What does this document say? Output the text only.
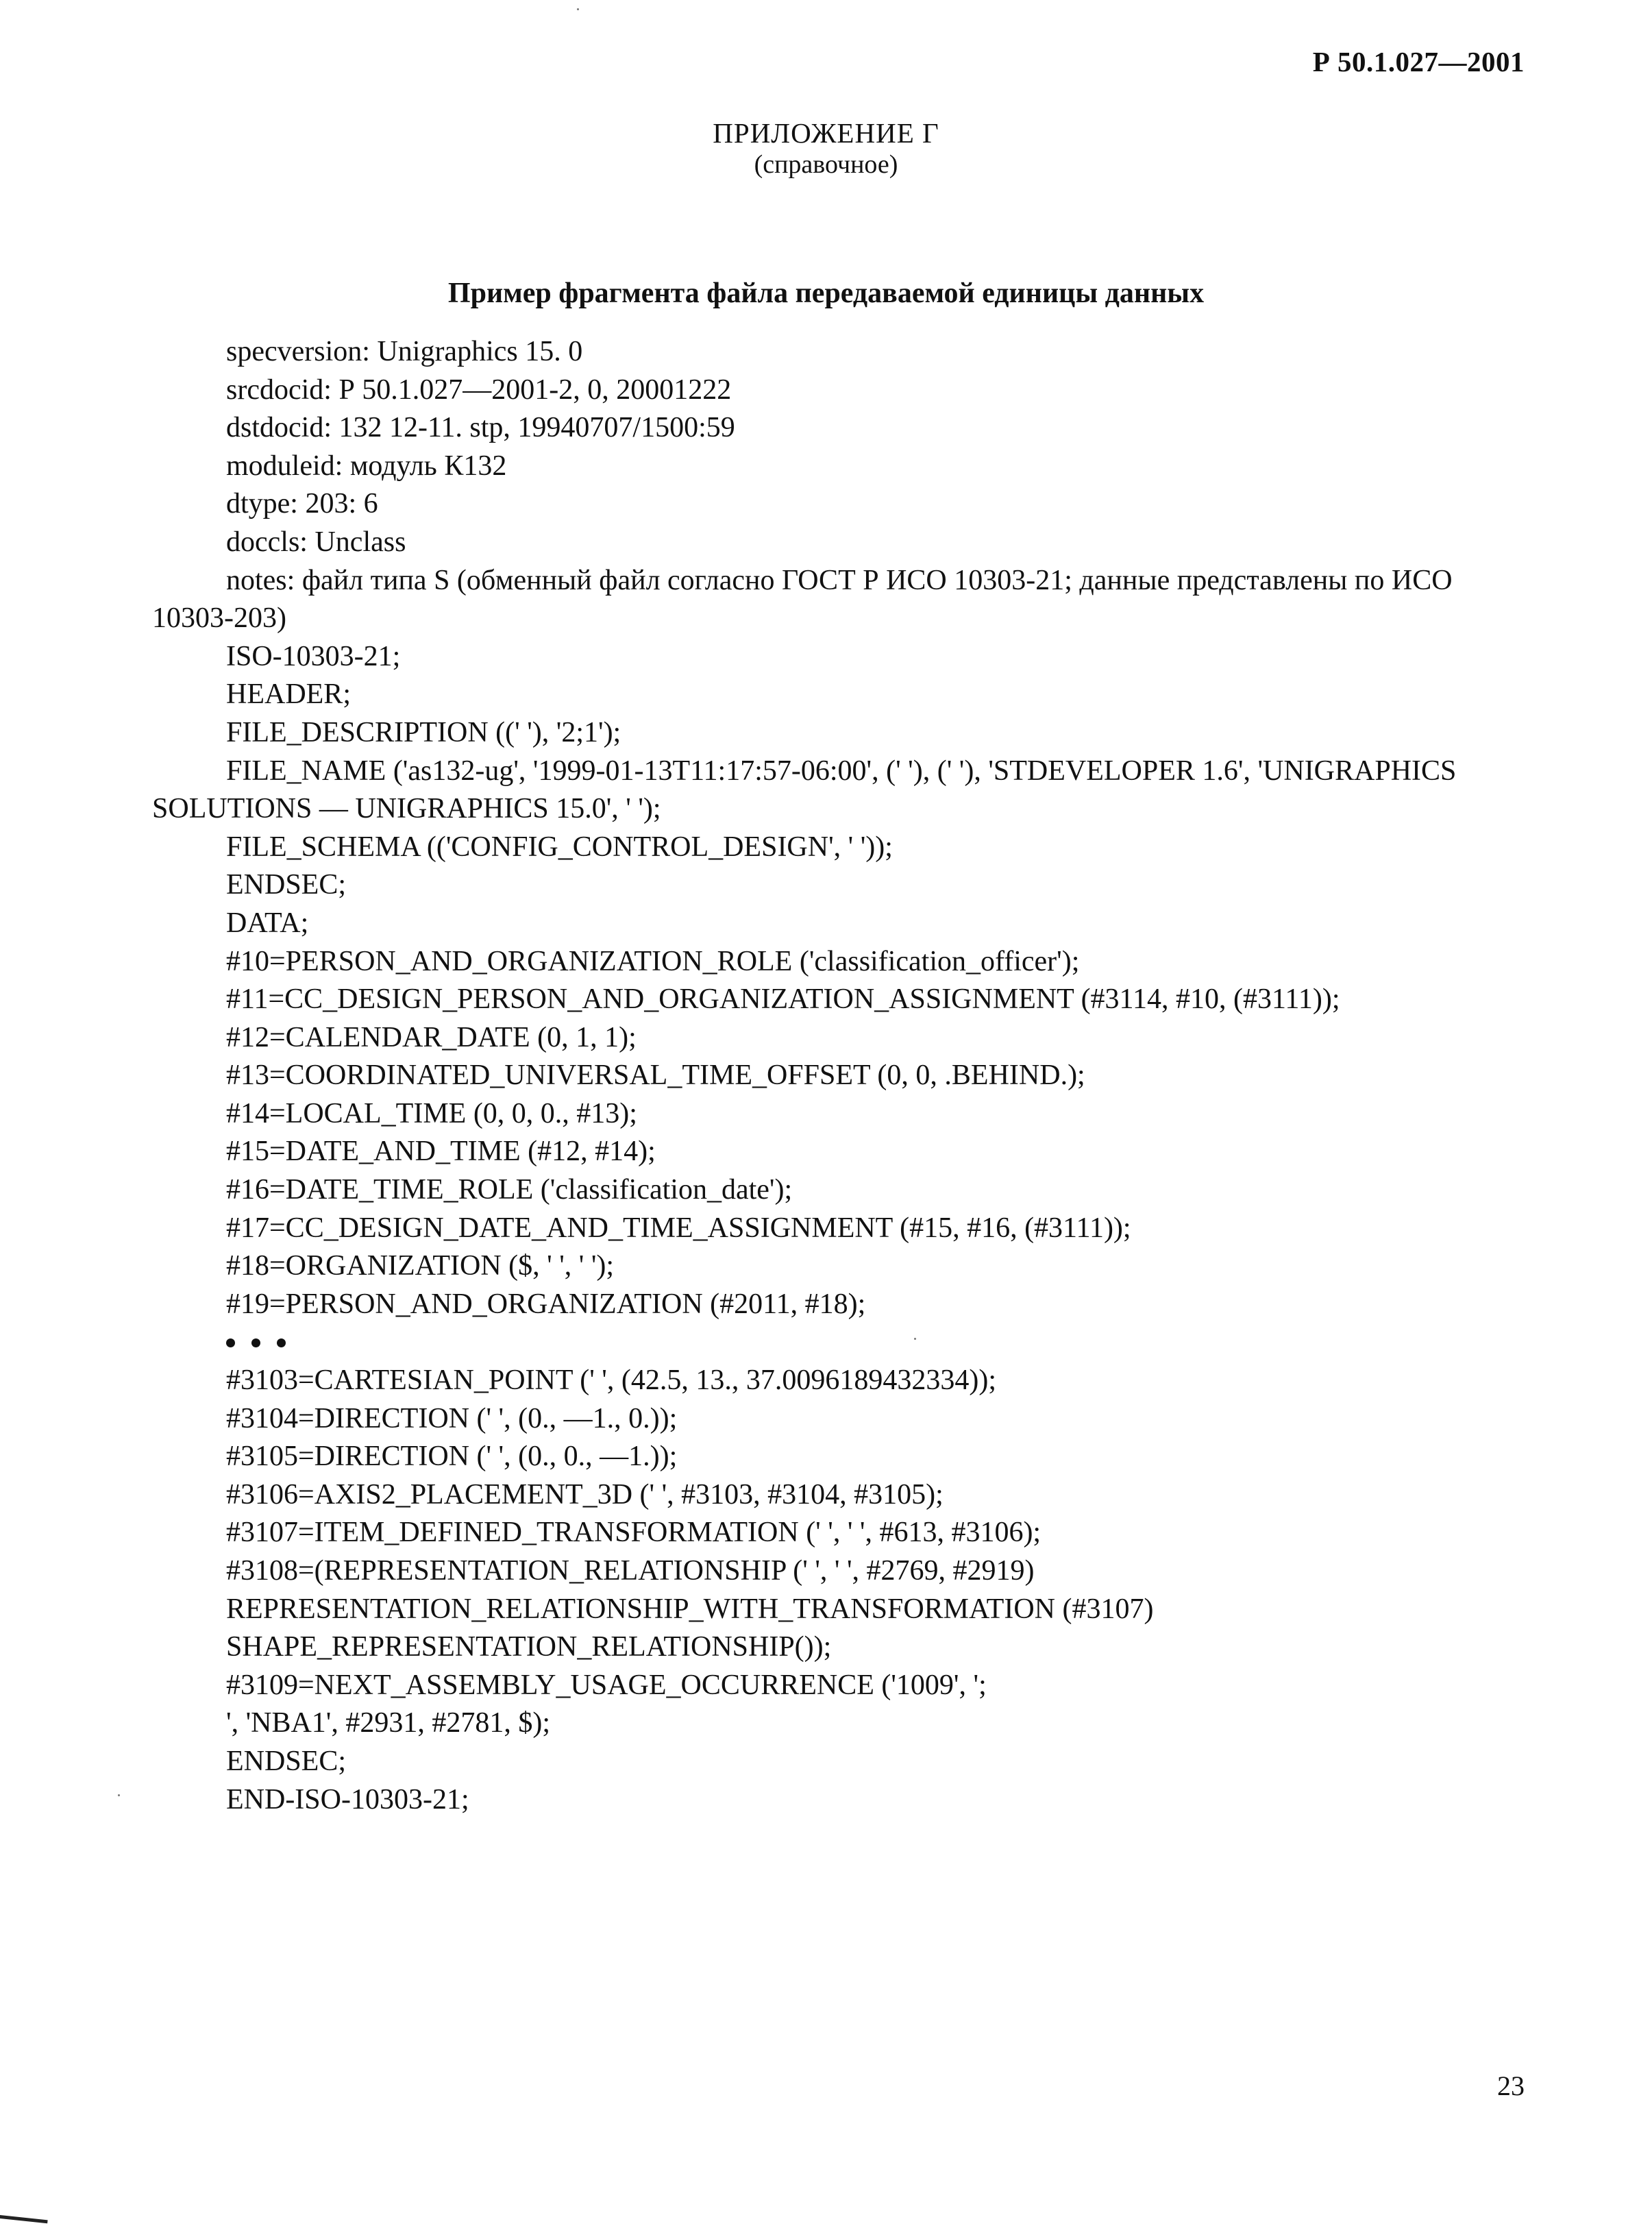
Р 50.1.027—2001
ПРИЛОЖЕНИЕ Г
(справочное)
Пример фрагмента файла передаваемой единицы данных
specversion: Unigraphics 15. 0
srcdocid: Р 50.1.027—2001-2, 0, 20001222
dstdocid: 132 12-11. stp, 19940707/1500:59
moduleid: модуль К132
dtype: 203: 6
doccls: Unclass
notes: файл типа S (обменный файл согласно ГОСТ Р ИСО 10303-21; данные представлены по ИСО 10303-203)
ISO-10303-21;
HEADER;
FILE_DESCRIPTION ((' '), '2;1');
FILE_NAME ('as132-ug', '1999-01-13T11:17:57-06:00', (' '), (' '), 'STDEVELOPER 1.6', 'UNIGRAPHICS SOLUTIONS — UNIGRAPHICS 15.0', ' ');
FILE_SCHEMA (('CONFIG_CONTROL_DESIGN', ' '));
ENDSEC;
DATA;
#10=PERSON_AND_ORGANIZATION_ROLE ('classification_officer');
#11=CC_DESIGN_PERSON_AND_ORGANIZATION_ASSIGNMENT (#3114, #10, (#3111));
#12=CALENDAR_DATE (0, 1, 1);
#13=COORDINATED_UNIVERSAL_TIME_OFFSET (0, 0, .BEHIND.);
#14=LOCAL_TIME (0, 0, 0., #13);
#15=DATE_AND_TIME (#12, #14);
#16=DATE_TIME_ROLE ('classification_date');
#17=CC_DESIGN_DATE_AND_TIME_ASSIGNMENT (#15, #16, (#3111));
#18=ORGANIZATION ($, ' ', ' ');
#19=PERSON_AND_ORGANIZATION (#2011, #18);
#3103=CARTESIAN_POINT (' ', (42.5, 13., 37.0096189432334));
#3104=DIRECTION (' ', (0., —1., 0.));
#3105=DIRECTION (' ', (0., 0., —1.));
#3106=AXIS2_PLACEMENT_3D (' ', #3103, #3104, #3105);
#3107=ITEM_DEFINED_TRANSFORMATION (' ', ' ', #613, #3106);
#3108=(REPRESENTATION_RELATIONSHIP (' ', ' ', #2769, #2919)
REPRESENTATION_RELATIONSHIP_WITH_TRANSFORMATION (#3107)
SHAPE_REPRESENTATION_RELATIONSHIP());
#3109=NEXT_ASSEMBLY_USAGE_OCCURRENCE ('1009', ';
', 'NBA1', #2931, #2781, $);
ENDSEC;
END-ISO-10303-21;
23
